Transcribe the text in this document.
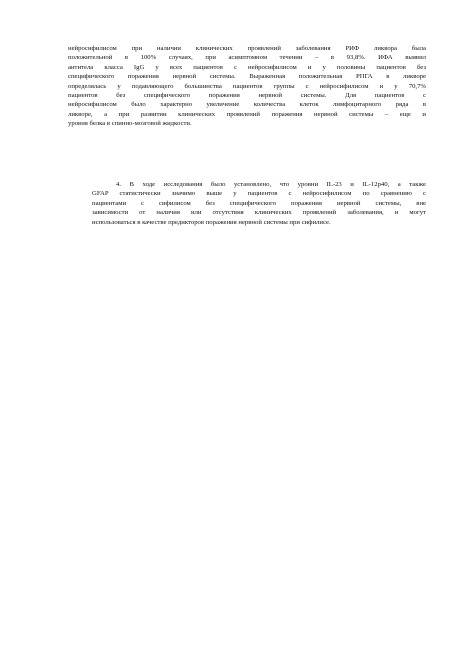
нейросифилисом при наличии клинических проявлений заболевания РИФ ликвора была
положительной в 100% случаях, при асимптомном течении – в 93,8%. ИФА выявил
антитела класса IgG у всех пациентов с нейросифилисом и у половины пациентов без
специфического поражения нервной системы. Выраженная положительная РПГА в ликворе
определялась у подавляющего большинства пациентов группы с нейросифилисом и у 70,7%
пациентов без специфического поражения нервной системы. Для пациентов с
нейросифилисом было характерно увеличение количества клеток лимфоцитарного ряда в
ликворе, а при развитии клинических проявлений поражения нервной системы – еще и
уровня белка в спинно-мозговой жидкости.
4. В ходе исследования было установлено, что уровни IL-23 и IL-12p40, а также
GFAP статистически значимо выше у пациентов с нейросифилисом по сравнению с
пациентами с сифилисом без специфического поражения нервной системы, вне
зависимости от наличия или отсутствия клинических проявлений заболевания, и могут
использоваться в качестве предикторов поражения нервной системы при сифилисе.
